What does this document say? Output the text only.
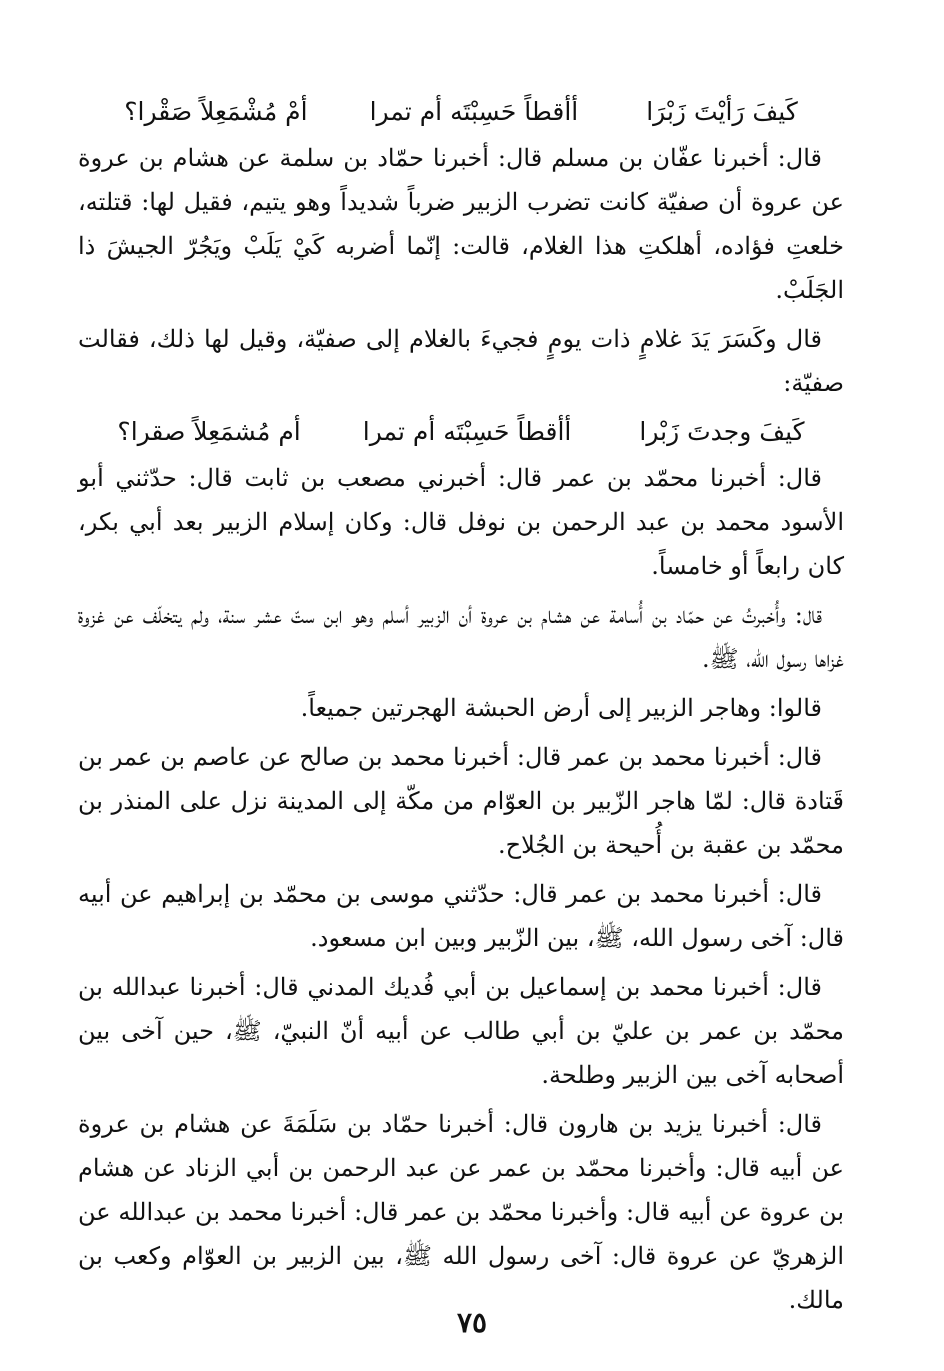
كَيفَ رَأيْتَ زَبْرَا
أأقطاً حَسِبْتَه أم تمرا
أمْ مُشْمَعِلاً صَقْرا؟

قال: أخبرنا عفّان بن مسلم قال: أخبرنا حمّاد بن سلمة عن هشام بن عروة عن عروة أن صفيّة كانت تضرب الزبير ضرباً شديداً وهو يتيم، فقيل لها: قتلته، خلعتِ فؤاده، أهلكتِ هذا الغلام، قالت: إنّما أضربه كَيْ يَلَبْ ويَجُرّ الجيشَ ذا الجَلَبْ.

قال وكَسَرَ يَدَ غلامٍ ذات يومٍ فجيءَ بالغلام إلى صفيّة، وقيل لها ذلك، فقالت صفيّة:

كَيفَ وجدتَ زَبْرا
أأقطاً حَسِبْتَه أم تمرا
أم مُشمَعِلاً صقرا؟

قال: أخبرنا محمّد بن عمر قال: أخبرني مصعب بن ثابت قال: حدّثني أبو الأسود محمد بن عبد الرحمن بن نوفل قال: وكان إسلام الزبير بعد أبي بكر، كان رابعاً أو خامساً.

قال: وأُخبرتُ عن حمّاد بن أُسامة عن هشام بن عروة أن الزبير أسلم وهو ابن ستّ عشر سنة، ولم يتخلّف عن غزوة غزاها رسول الله، ﷺ.

قالوا: وهاجر الزبير إلى أرض الحبشة الهجرتين جميعاً.

قال: أخبرنا محمد بن عمر قال: أخبرنا محمد بن صالح عن عاصم بن عمر بن قَتادة قال: لمّا هاجر الزّبير بن العوّام من مكّة إلى المدينة نزل على المنذر بن محمّد بن عقبة بن أُحيحة بن الجُلاح.

قال: أخبرنا محمد بن عمر قال: حدّثني موسى بن محمّد بن إبراهيم عن أبيه قال: آخى رسول الله، ﷺ، بين الزّبير وبين ابن مسعود.

قال: أخبرنا محمد بن إسماعيل بن أبي فُديك المدني قال: أخبرنا عبدالله بن محمّد بن عمر بن عليّ بن أبي طالب عن أبيه أنّ النبيّ، ﷺ، حين آخى بين أصحابه آخى بين الزبير وطلحة.

قال: أخبرنا يزيد بن هارون قال: أخبرنا حمّاد بن سَلَمَةَ عن هشام بن عروة عن أبيه قال: وأخبرنا محمّد بن عمر عن عبد الرحمن بن أبي الزناد عن هشام بن عروة عن أبيه قال: وأخبرنا محمّد بن عمر قال: أخبرنا محمد بن عبدالله عن الزهريّ عن عروة قال: آخى رسول الله ﷺ، بين الزبير بن العوّام وكعب بن مالك.

٧٥
